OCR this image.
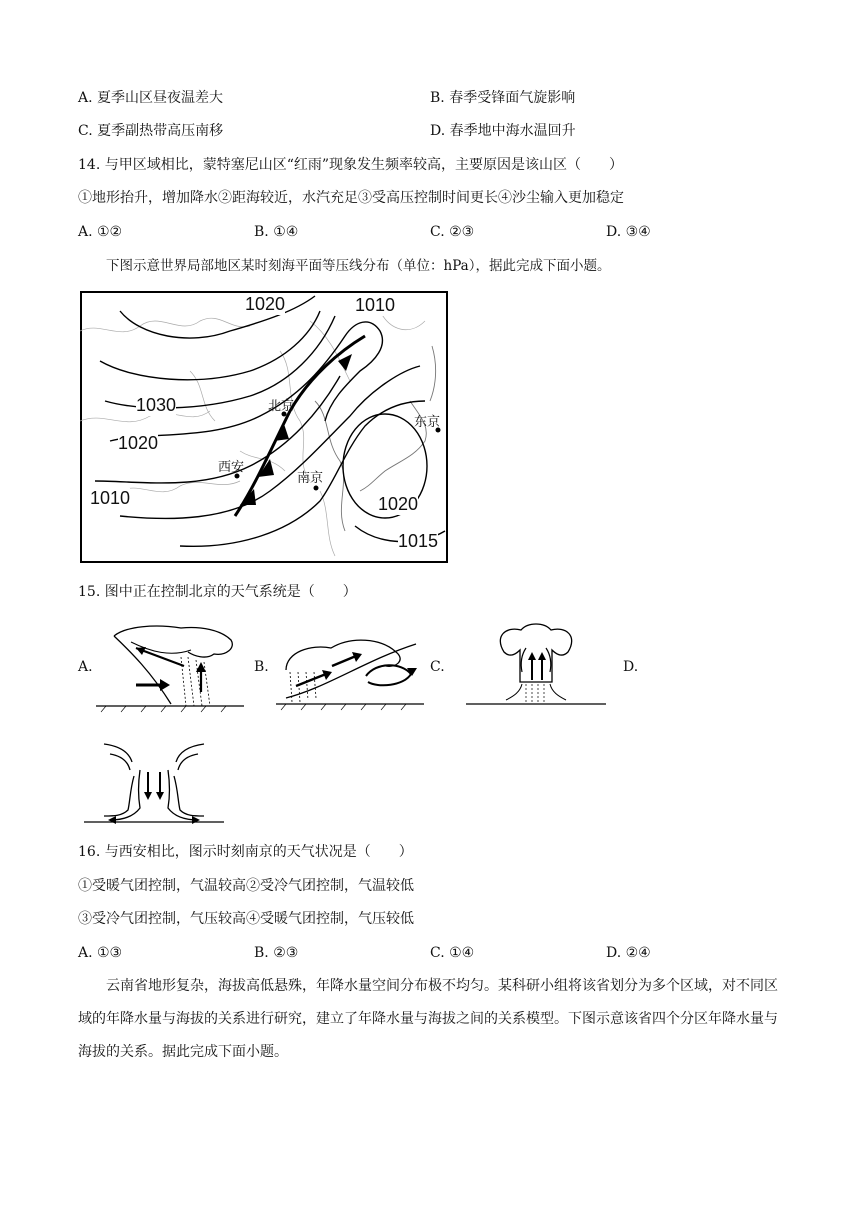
A. 夏季山区昼夜温差大	B. 春季受锋面气旋影响
C. 夏季副热带高压南移	D. 春季地中海水温回升
14. 与甲区域相比，蒙特塞尼山区“红雨”现象发生频率较高，主要原因是该山区（　　）
①地形抬升，增加降水②距海较近，水汽充足③受高压控制时间更长④沙尘输入更加稳定
A. ①②	B. ①④	C. ②③	D. ③④
下图示意世界局部地区某时刻海平面等压线分布（单位：hPa），据此完成下面小题。
1020	1010
1030
1020
1010	1020
1015
北京
东京
西安
南京
15. 图中正在控制北京的天气系统是（　　）
A.	B.	C.	D.
16. 与西安相比，图示时刻南京的天气状况是（　　）
①受暖气团控制，气温较高②受冷气团控制，气温较低
③受冷气团控制，气压较高④受暖气团控制，气压较低
A. ①③	B. ②③	C. ①④	D. ②④
云南省地形复杂，海拔高低悬殊，年降水量空间分布极不均匀。某科研小组将该省划分为多个区域，对不同区域的年降水量与海拔的关系进行研究，建立了年降水量与海拔之间的关系模型。下图示意该省四个分区年降水量与海拔的关系。据此完成下面小题。
